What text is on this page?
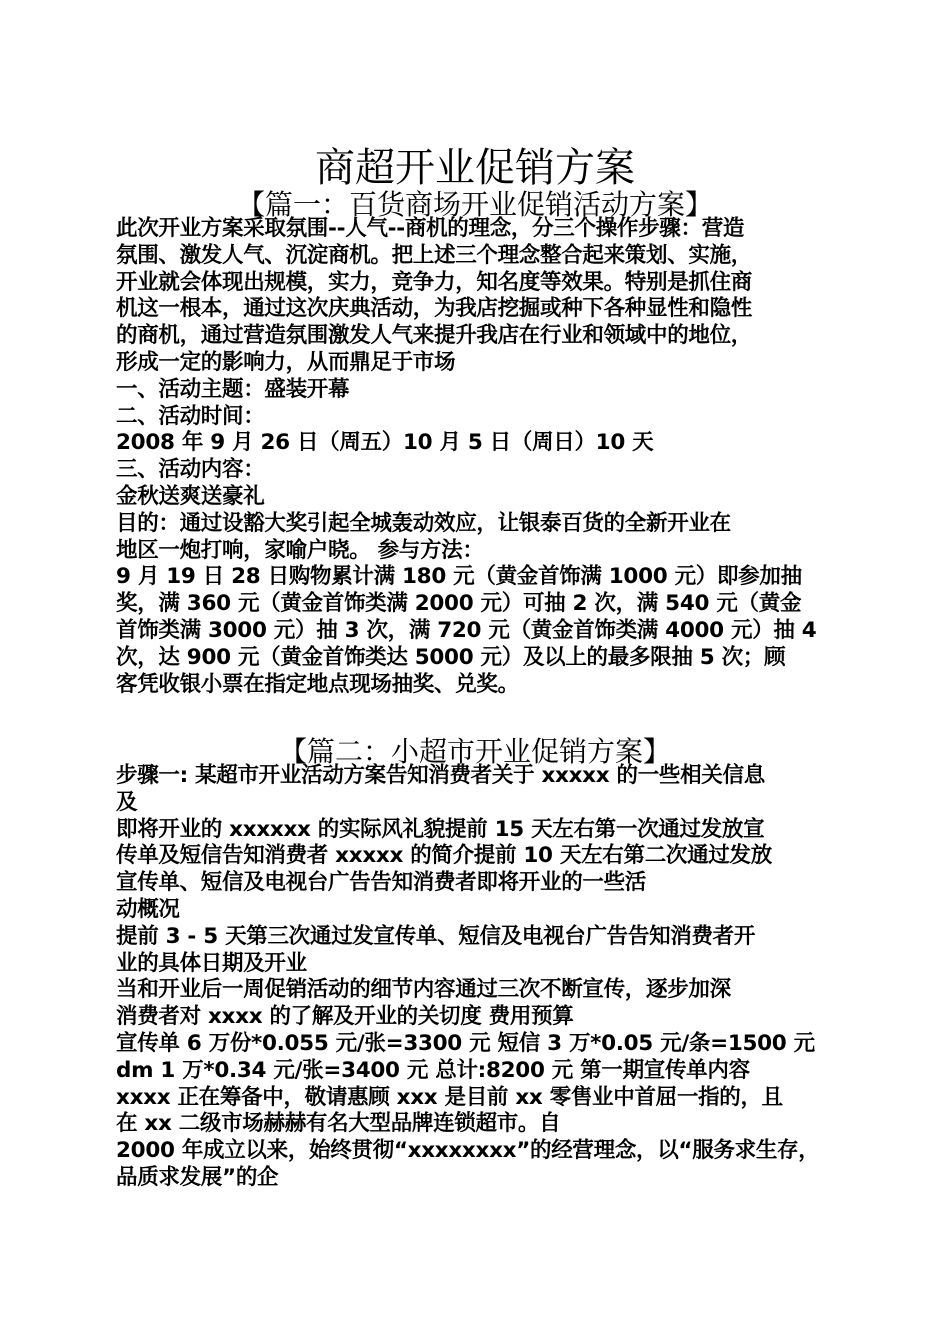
商超开业促销方案
【篇一：百货商场开业促销活动方案】

此次开业方案采取氛围--人气--商机的理念，分三个操作步骤：营造

氛围、激发人气、沉淀商机。把上述三个理念整合起来策划、实施，

开业就会体现出规模，实力，竞争力，知名度等效果。特别是抓住商

机这一根本，通过这次庆典活动，为我店挖掘或种下各种显性和隐性

的商机，通过营造氛围激发人气来提升我店在行业和领域中的地位，

形成一定的影响力，从而鼎足于市场

一、活动主题：盛装开幕

二、活动时间：

2008 年 9 月 26 日（周五）10 月 5 日（周日）10 天

三、活动内容：

金秋送爽送豪礼

目的：通过设豁大奖引起全城轰动效应，让银泰百货的全新开业在

地区一炮打响，家喻户晓。 参与方法：

9 月 19 日 28 日购物累计满 180 元（黄金首饰满 1000 元）即参加抽

奖，满 360 元（黄金首饰类满 2000 元）可抽 2 次，满 540 元（黄金

首饰类满 3000 元）抽 3 次，满 720 元（黄金首饰类满 4000 元）抽 4

次，达 900 元（黄金首饰类达 5000 元）及以上的最多限抽 5 次；顾

客凭收银小票在指定地点现场抽奖、兑奖。

【篇二：小超市开业促销方案】

步骤一: 某超市开业活动方案告知消费者关于 xxxxx 的一些相关信息

及

即将开业的 xxxxxx 的实际风礼貌提前 15 天左右第一次通过发放宣

传单及短信告知消费者 xxxxx 的简介提前 10 天左右第二次通过发放

宣传单、短信及电视台广告告知消费者即将开业的一些活

动概况

提前 3 - 5 天第三次通过发宣传单、短信及电视台广告告知消费者开

业的具体日期及开业

当和开业后一周促销活动的细节内容通过三次不断宣传，逐步加深

消费者对 xxxx 的了解及开业的关切度 费用预算

宣传单 6 万份*0.055 元/张=3300 元 短信 3 万*0.05 元/条=1500 元

dm 1 万*0.34 元/张=3400 元 总计:8200 元 第一期宣传单内容

xxxx 正在筹备中，敬请惠顾 xxx 是目前 xx 零售业中首屈一指的，且

在 xx 二级市场赫赫有名大型品牌连锁超市。自

2000 年成立以来，始终贯彻“xxxxxxxx”的经营理念，以“服务求生存，

品质求发展”的企
